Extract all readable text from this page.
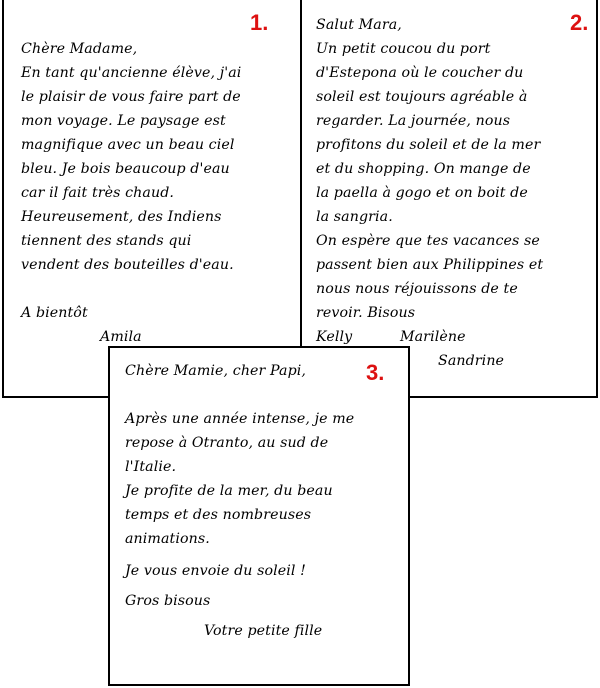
1.
Chère Madame,
En tant qu'ancienne élève, j'ai
le plaisir de vous faire part de
mon voyage. Le paysage est
magnifique avec un beau ciel
bleu. Je bois beaucoup d'eau
car il fait très chaud.
Heureusement, des Indiens
tiennent des stands qui
vendent des bouteilles d'eau.
A bientôt
Amila
2.
Salut Mara,
Un petit coucou du port
d'Estepona où le coucher du
soleil est toujours agréable à
regarder. La journée, nous
profitons du soleil et de la mer
et du shopping. On mange de
la paella à gogo et on boit de
la sangria.
On espère que tes vacances se
passent bien aux Philippines et
nous nous réjouissons de te
revoir. Bisous
Kelly	Marilène
Sandrine
3.
Chère Mamie, cher Papi,
Après une année intense, je me
repose à Otranto, au sud de
l'Italie.
Je profite de la mer, du beau
temps et des nombreuses
animations.
Je vous envoie du soleil !
Gros bisous
Votre petite fille
